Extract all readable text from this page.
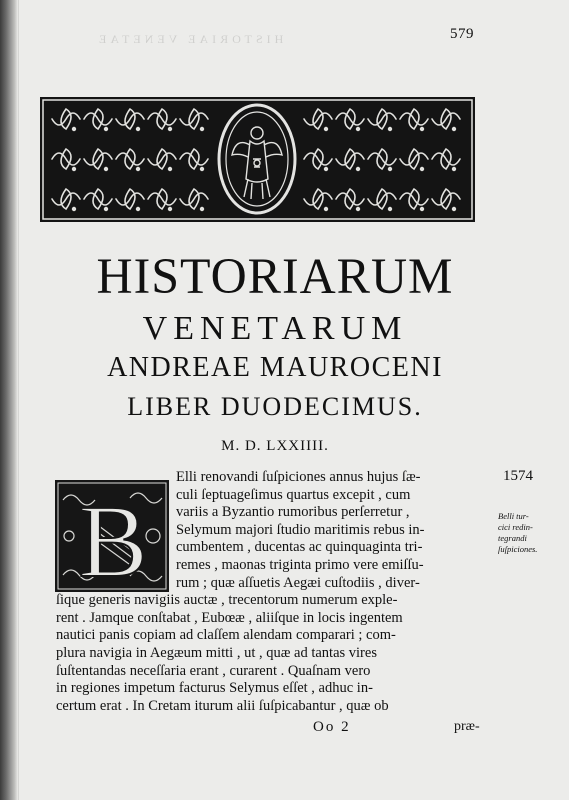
HISTORIAE VENETAE	579
HISTORIARUM
VENETARUM
ANDREAE MAUROCENI
LIBER DUODECIMUS.
M. D. LXXIIII.
B
Elli renovandi ſuſpiciones annus hujus ſæ-
culi ſeptuageſimus quartus excepit , cum
variis a Byzantio rumoribus perſerretur ,
Selymum majori ſtudio maritimis rebus in-
cumbentem , ducentas ac quinquaginta tri-
remes , maonas triginta primo vere emiſſu-
rum ; quæ aſſuetis Aegæi cuſtodiis , diver-
ſique generis navigiis auctæ , trecentorum numerum exple-
rent . Jamque conſtabat , Eubœæ , aliiſque in locis ingentem
nautici panis copiam ad claſſem alendam comparari ; com-
plura navigia in Aegæum mitti , ut , quæ ad tantas vires
ſuſtentandas neceſſaria erant , curarent . Quaſnam vero
in regiones impetum facturus Selymus eſſet , adhuc in-
certum erat . In Cretam iturum alii ſuſpicabantur , quæ ob
1574
Belli tur-
cici redin-
tegrandi
ſuſpiciones.
Oo 2	præ-
